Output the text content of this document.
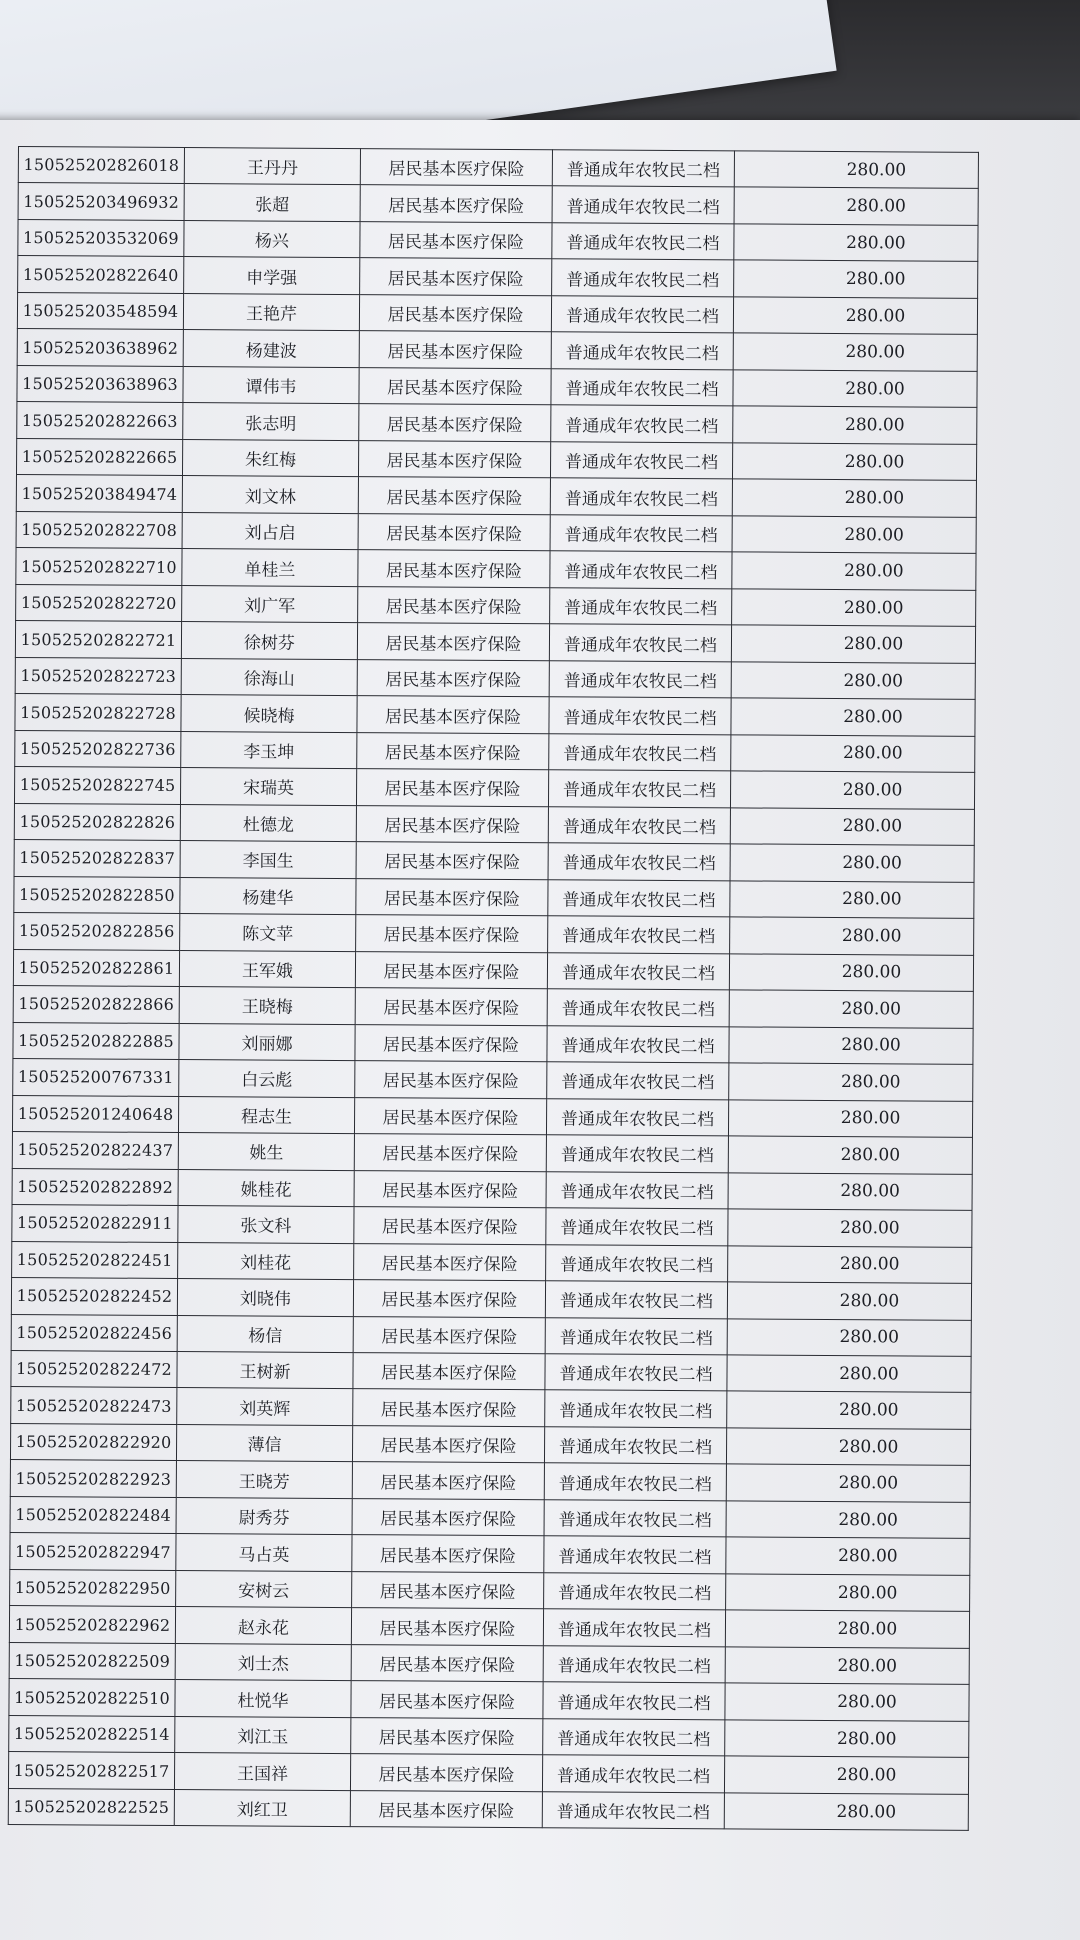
150525202826018	王丹丹	居民基本医疗保险	普通成年农牧民二档	280.00
150525203496932	张超	居民基本医疗保险	普通成年农牧民二档	280.00
150525203532069	杨兴	居民基本医疗保险	普通成年农牧民二档	280.00
150525202822640	申学强	居民基本医疗保险	普通成年农牧民二档	280.00
150525203548594	王艳芹	居民基本医疗保险	普通成年农牧民二档	280.00
150525203638962	杨建波	居民基本医疗保险	普通成年农牧民二档	280.00
150525203638963	谭伟韦	居民基本医疗保险	普通成年农牧民二档	280.00
150525202822663	张志明	居民基本医疗保险	普通成年农牧民二档	280.00
150525202822665	朱红梅	居民基本医疗保险	普通成年农牧民二档	280.00
150525203849474	刘文林	居民基本医疗保险	普通成年农牧民二档	280.00
150525202822708	刘占启	居民基本医疗保险	普通成年农牧民二档	280.00
150525202822710	单桂兰	居民基本医疗保险	普通成年农牧民二档	280.00
150525202822720	刘广军	居民基本医疗保险	普通成年农牧民二档	280.00
150525202822721	徐树芬	居民基本医疗保险	普通成年农牧民二档	280.00
150525202822723	徐海山	居民基本医疗保险	普通成年农牧民二档	280.00
150525202822728	候晓梅	居民基本医疗保险	普通成年农牧民二档	280.00
150525202822736	李玉坤	居民基本医疗保险	普通成年农牧民二档	280.00
150525202822745	宋瑞英	居民基本医疗保险	普通成年农牧民二档	280.00
150525202822826	杜德龙	居民基本医疗保险	普通成年农牧民二档	280.00
150525202822837	李国生	居民基本医疗保险	普通成年农牧民二档	280.00
150525202822850	杨建华	居民基本医疗保险	普通成年农牧民二档	280.00
150525202822856	陈文苹	居民基本医疗保险	普通成年农牧民二档	280.00
150525202822861	王军娥	居民基本医疗保险	普通成年农牧民二档	280.00
150525202822866	王晓梅	居民基本医疗保险	普通成年农牧民二档	280.00
150525202822885	刘丽娜	居民基本医疗保险	普通成年农牧民二档	280.00
150525200767331	白云彪	居民基本医疗保险	普通成年农牧民二档	280.00
150525201240648	程志生	居民基本医疗保险	普通成年农牧民二档	280.00
150525202822437	姚生	居民基本医疗保险	普通成年农牧民二档	280.00
150525202822892	姚桂花	居民基本医疗保险	普通成年农牧民二档	280.00
150525202822911	张文科	居民基本医疗保险	普通成年农牧民二档	280.00
150525202822451	刘桂花	居民基本医疗保险	普通成年农牧民二档	280.00
150525202822452	刘晓伟	居民基本医疗保险	普通成年农牧民二档	280.00
150525202822456	杨信	居民基本医疗保险	普通成年农牧民二档	280.00
150525202822472	王树新	居民基本医疗保险	普通成年农牧民二档	280.00
150525202822473	刘英辉	居民基本医疗保险	普通成年农牧民二档	280.00
150525202822920	薄信	居民基本医疗保险	普通成年农牧民二档	280.00
150525202822923	王晓芳	居民基本医疗保险	普通成年农牧民二档	280.00
150525202822484	尉秀芬	居民基本医疗保险	普通成年农牧民二档	280.00
150525202822947	马占英	居民基本医疗保险	普通成年农牧民二档	280.00
150525202822950	安树云	居民基本医疗保险	普通成年农牧民二档	280.00
150525202822962	赵永花	居民基本医疗保险	普通成年农牧民二档	280.00
150525202822509	刘士杰	居民基本医疗保险	普通成年农牧民二档	280.00
150525202822510	杜悦华	居民基本医疗保险	普通成年农牧民二档	280.00
150525202822514	刘江玉	居民基本医疗保险	普通成年农牧民二档	280.00
150525202822517	王国祥	居民基本医疗保险	普通成年农牧民二档	280.00
150525202822525	刘红卫	居民基本医疗保险	普通成年农牧民二档	280.00
